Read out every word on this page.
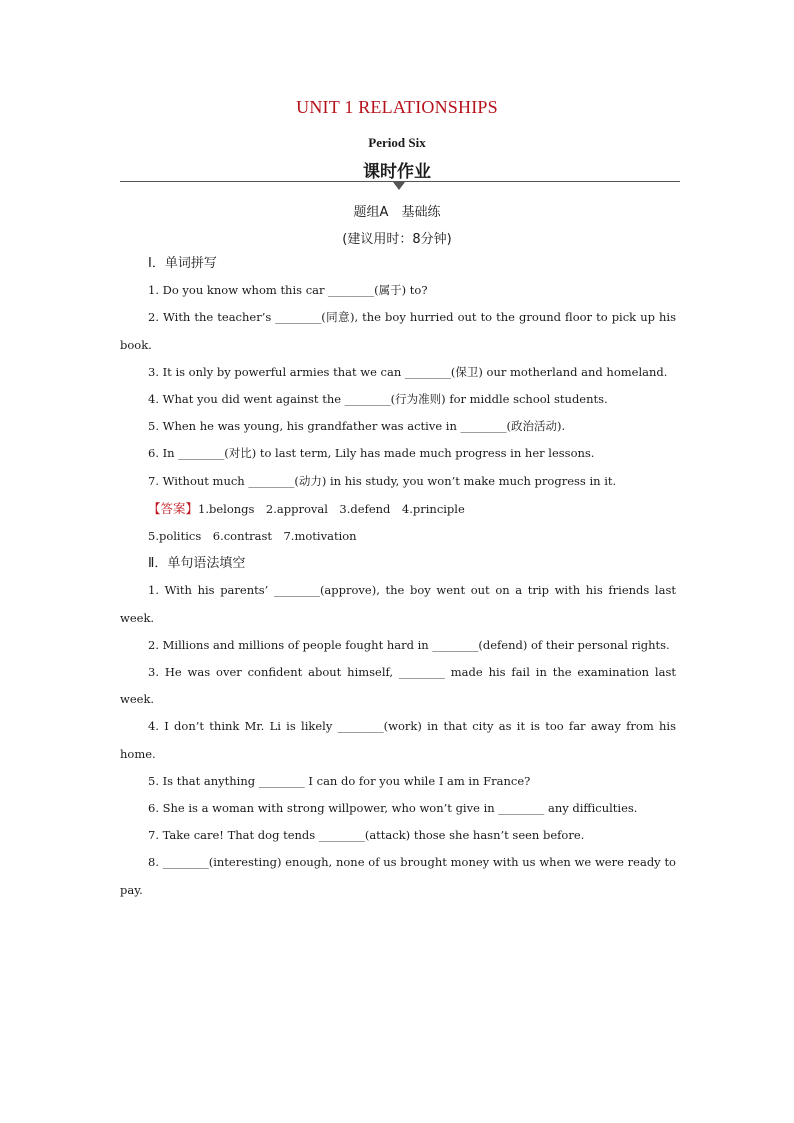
UNIT 1 RELATIONSHIPS
Period Six
课时作业
题组A　基础练
(建议用时：8分钟)

Ⅰ．单词拼写

1. Do you know whom this car ________(属于) to?

2. With the teacher’s ________(同意), the boy hurried out to the ground floor to pick up his book.

3. It is only by powerful armies that we can ________(保卫) our motherland and homeland.

4. What you did went against the ________(行为准则) for middle school students.

5. When he was young, his grandfather was active in ________(政治活动).

6. In ________(对比) to last term, Lily has made much progress in her lessons.

7. Without much ________(动力) in his study, you won’t make much progress in it.

【答案】1.belongs　2.approval　3.defend　4.principle

5.politics　6.contrast　7.motivation

Ⅱ．单句语法填空

1. With his parents’ ________(approve), the boy went out on a trip with his friends last week.

2. Millions and millions of people fought hard in ________(defend) of their personal rights.

3. He was over confident about himself, ________ made his fail in the examination last week.

4. I don’t think Mr. Li is likely ________(work) in that city as it is too far away from his home.

5. Is that anything ________ I can do for you while I am in France?

6. She is a woman with strong willpower, who won’t give in ________ any difficulties.

7. Take care! That dog tends ________(attack) those she hasn’t seen before.

8. ________(interesting) enough, none of us brought money with us when we were ready to pay.
